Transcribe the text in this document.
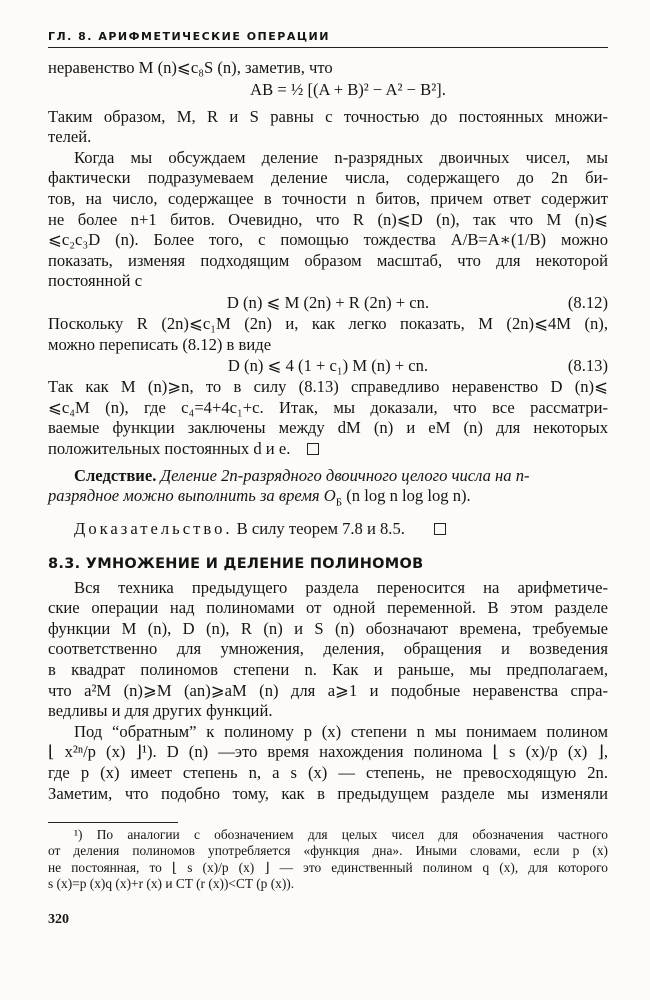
ГЛ. 8. АРИФМЕТИЧЕСКИЕ ОПЕРАЦИИ
неравенство M (n)⩽c₈S (n), заметив, что
AB = ½ [(A + B)² − A² − B²].
Таким образом, M, R и S равны с точностью до постоянных множи-
телей.
Когда мы обсуждаем деление n-разрядных двоичных чисел, мы
фактически подразумеваем деление числа, содержащего до 2n би-
тов, на число, содержащее в точности n битов, причем ответ содержит
не более n+1 битов. Очевидно, что R (n)⩽D (n), так что M (n)⩽
⩽c₂c₃D (n). Более того, с помощью тождества A/B=A∗(1/B) можно
показать, изменяя подходящим образом масштаб, что для некоторой
постоянной c
D (n) ⩽ M (2n) + R (2n) + cn.	(8.12)
Поскольку R (2n)⩽c₁M (2n) и, как легко показать, M (2n)⩽4M (n),
можно переписать (8.12) в виде
D (n) ⩽ 4 (1 + c₁) M (n) + cn.	(8.13)
Так как M (n)⩾n, то в силу (8.13) справедливо неравенство D (n)⩽
⩽c₄M (n), где c₄=4+4c₁+c. Итак, мы доказали, что все рассматри-
ваемые функции заключены между dM (n) и eM (n) для некоторых
положительных постоянных d и e.
Следствие. Деление 2n-разрядного двоичного целого числа на n-
разрядное можно выполнить за время $O_Б$ (n log n log log n).
Доказательство. В силу теорем 7.8 и 8.5.
8.3. УМНОЖЕНИЕ И ДЕЛЕНИЕ ПОЛИНОМОВ
Вся техника предыдущего раздела переносится на арифметиче-
ские операции над полиномами от одной переменной. В этом разделе
функции M (n), D (n), R (n) и S (n) обозначают времена, требуемые
соответственно для умножения, деления, обращения и возведения
в квадрат полиномов степени n. Как и раньше, мы предполагаем,
что a²M (n)⩾M (an)⩾aM (n) для a⩾1 и подобные неравенства спра-
ведливы и для других функций.
Под “обратным” к полиному p (x) степени n мы понимаем полином
⌊ x²ⁿ/p (x) ⌋¹). D (n) —это время нахождения полинома ⌊ s (x)/p (x) ⌋,
где p (x) имеет степень n, а s (x) — степень, не превосходящую 2n.
Заметим, что подобно тому, как в предыдущем разделе мы изменяли
¹) По аналогии с обозначением для целых чисел для обозначения частного
от деления полиномов употребляется «функция дна». Иными словами, если p (x)
не постоянная, то ⌊ s (x)/p (x) ⌋ — это единственный полином q (x), для которого
s (x)=p (x)q (x)+r (x) и CT (r (x))<CT (p (x)).
320
